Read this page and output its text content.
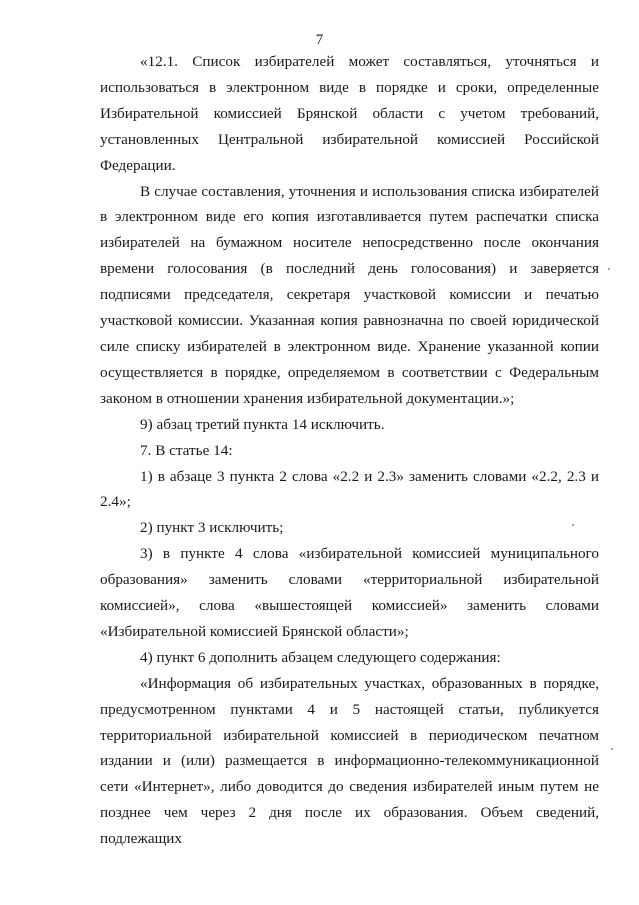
7

«12.1. Список избирателей может составляться, уточняться и использоваться в электронном виде в порядке и сроки, определенные Избирательной комиссией Брянской области с учетом требований, установленных Центральной избирательной комиссией Российской Федерации.

В случае составления, уточнения и использования списка избирателей в электронном виде его копия изготавливается путем распечатки списка избирателей на бумажном носителе непосредственно после окончания времени голосования (в последний день голосования) и заверяется подписями председателя, секретаря участковой комиссии и печатью участковой комиссии. Указанная копия равнозначна по своей юридической силе списку избирателей в электронном виде. Хранение указанной копии осуществляется в порядке, определяемом в соответствии с Федеральным законом в отношении хранения избирательной документации.»;

9) абзац третий пункта 14 исключить.

7. В статье 14:

1) в абзаце 3 пункта 2 слова «2.2 и 2.3» заменить словами «2.2, 2.3 и 2.4»;

2) пункт 3 исключить;

3) в пункте 4 слова «избирательной комиссией муниципального образования» заменить словами «территориальной избирательной комиссией», слова «вышестоящей комиссией» заменить словами «Избирательной комиссией Брянской области»;

4) пункт 6 дополнить абзацем следующего содержания:

«Информация об избирательных участках, образованных в порядке, предусмотренном пунктами 4 и 5 настоящей статьи, публикуется территориальной избирательной комиссией в периодическом печатном издании и (или) размещается в информационно-телекоммуникационной сети «Интернет», либо доводится до сведения избирателей иным путем не позднее чем через 2 дня после их образования. Объем сведений, подлежащих
